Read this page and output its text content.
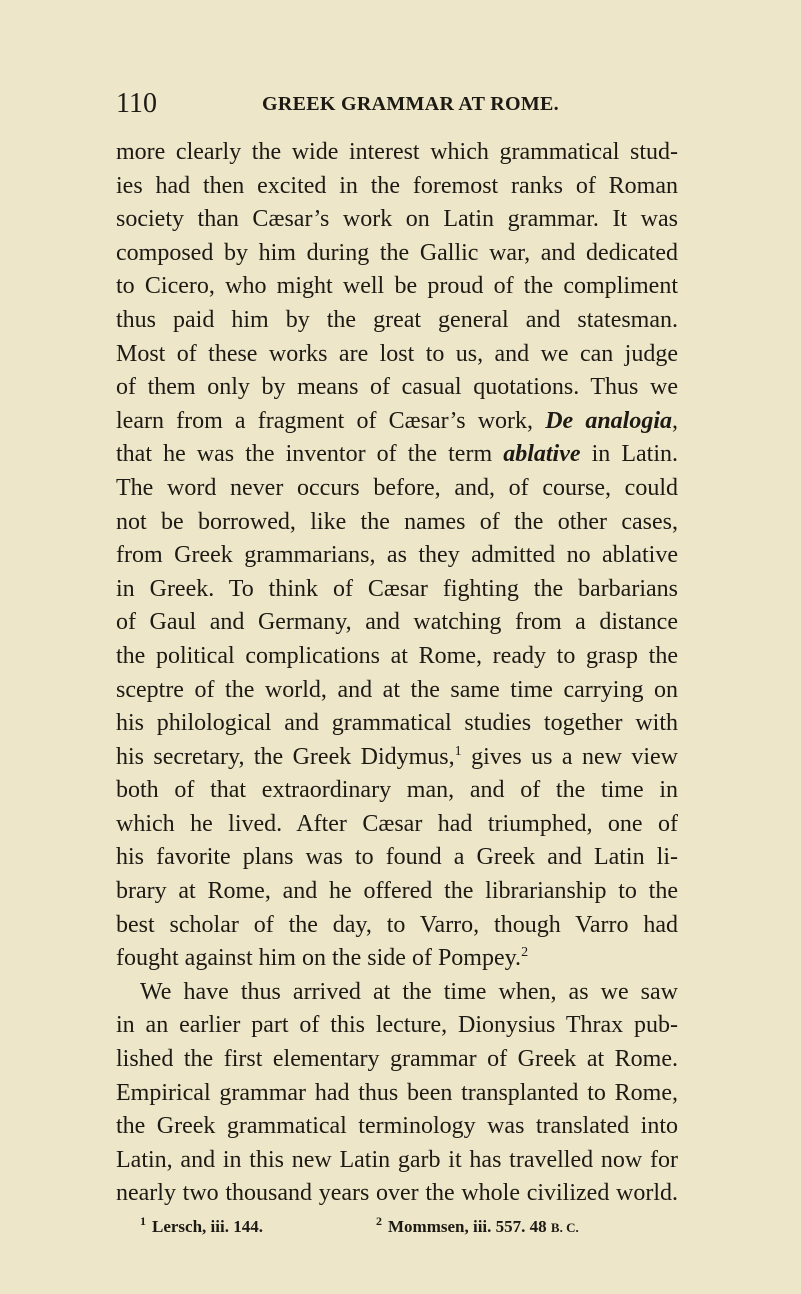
110	GREEK GRAMMAR AT ROME.
more clearly the wide interest which grammatical stud-
ies had then excited in the foremost ranks of Roman
society than Cæsar’s work on Latin grammar. It was
composed by him during the Gallic war, and dedicated
to Cicero, who might well be proud of the compliment
thus paid him by the great general and statesman.
Most of these works are lost to us, and we can judge
of them only by means of casual quotations. Thus we
learn from a fragment of Cæsar’s work, De analogia,
that he was the inventor of the term ablative in Latin.
The word never occurs before, and, of course, could
not be borrowed, like the names of the other cases,
from Greek grammarians, as they admitted no ablative
in Greek. To think of Cæsar fighting the barbarians
of Gaul and Germany, and watching from a distance
the political complications at Rome, ready to grasp the
sceptre of the world, and at the same time carrying on
his philological and grammatical studies together with
his secretary, the Greek Didymus,$^1$ gives us a new view
both of that extraordinary man, and of the time in
which he lived. After Cæsar had triumphed, one of
his favorite plans was to found a Greek and Latin li-
brary at Rome, and he offered the librarianship to the
best scholar of the day, to Varro, though Varro had
fought against him on the side of Pompey.$^2$
We have thus arrived at the time when, as we saw
in an earlier part of this lecture, Dionysius Thrax pub-
lished the first elementary grammar of Greek at Rome.
Empirical grammar had thus been transplanted to Rome,
the Greek grammatical terminology was translated into
Latin, and in this new Latin garb it has travelled now for
nearly two thousand years over the whole civilized world.
$^1$ Lersch, iii. 144.	$^2$ Mommsen, iii. 557. 48 B. C.
